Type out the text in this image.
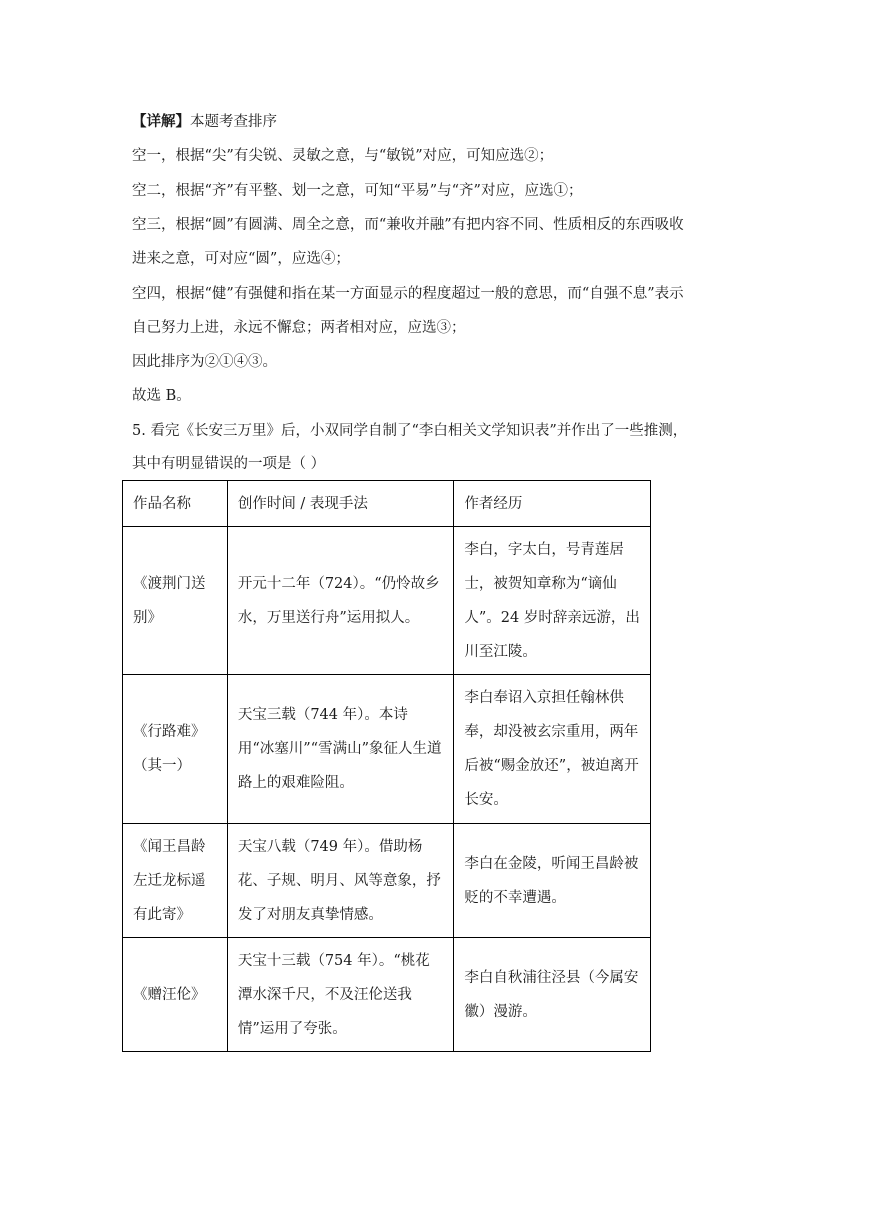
【详解】本题考查排序
空一，根据“尖”有尖锐、灵敏之意，与“敏锐”对应，可知应选②；
空二，根据“齐”有平整、划一之意，可知“平易”与“齐”对应，应选①；
空三，根据“圆”有圆满、周全之意，而“兼收并融”有把内容不同、性质相反的东西吸收
进来之意，可对应“圆”，应选④；
空四，根据“健”有强健和指在某一方面显示的程度超过一般的意思，而“自强不息”表示
自己努力上进，永远不懈怠；两者相对应，应选③；
因此排序为②①④③。
故选 B。
5. 看完《长安三万里》后，小双同学自制了“李白相关文学知识表”并作出了一些推测，
其中有明显错误的一项是（ ）
作品名称	创作时间 / 表现手法	作者经历

《渡荆门送别》	开元十二年（724）。“仍怜故乡水，万里送行舟”运用拟人。	李白，字太白，号青莲居士，被贺知章称为“谪仙人”。24 岁时辞亲远游，出川至江陵。

《行路难》（其一）	天宝三载（744 年）。本诗用“冰塞川”“雪满山”象征人生道路上的艰难险阻。	李白奉诏入京担任翰林供奉，却没被玄宗重用，两年后被“赐金放还”，被迫离开长安。

《闻王昌龄左迁龙标遥有此寄》	天宝八载（749 年）。借助杨花、子规、明月、风等意象，抒发了对朋友真挚情感。	李白在金陵，听闻王昌龄被贬的不幸遭遇。

《赠汪伦》	天宝十三载（754 年）。“桃花潭水深千尺，不及汪伦送我情”运用了夸张。	李白自秋浦往泾县（今属安徽）漫游。
